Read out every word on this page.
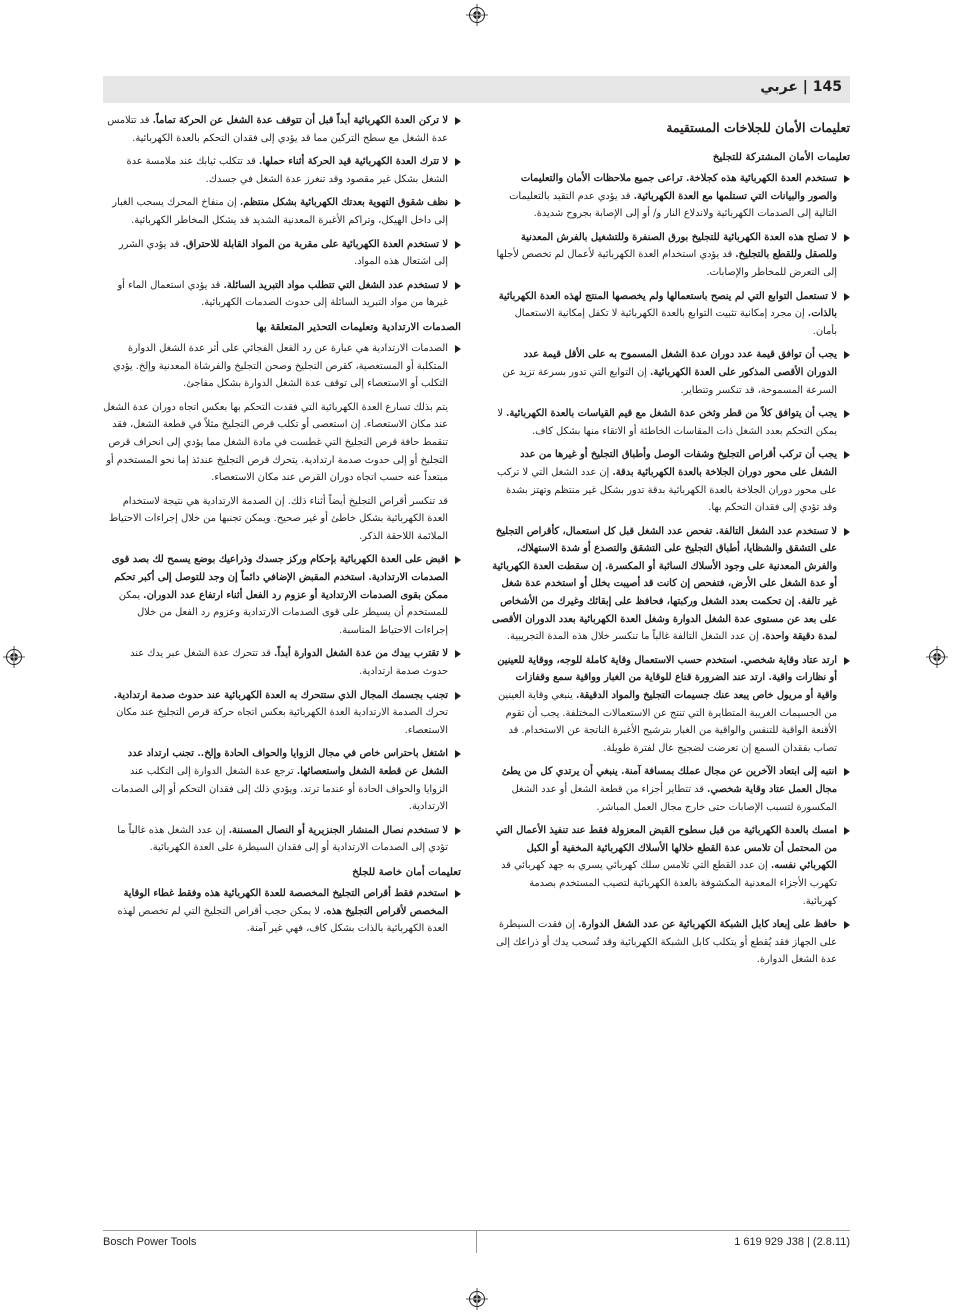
145 | عربي
تعليمات الأمان للجلاخات المستقيمة
تعليمات الأمان المشتركة للتجليخ
تستخدم العدة الكهربائية هذه كجلاخة. تراعى جميع ملاحظات الأمان والتعليمات والصور والبيانات التي تستلمها مع العدة الكهربائية. قد يؤدي عدم التقيد بالتعليمات التالية إلى الصدمات الكهربائية ولاندلاع النار و/ أو إلى الإصابة بجروح شديدة.
لا تصلح هذه العدة الكهربائية للتجليخ بورق الصنفرة وللتشغيل بالفرش المعدنية وللصقل وللقطع بالتجليخ. قد يؤدي استخدام العدة الكهربائية لأعمال لم تخصص لأجلها إلى التعرض للمخاطر والإصابات.
لا تستعمل التوابع التي لم ينصح باستعمالها ولم يخصصها المنتج لهذه العدة الكهربائية بالذات. إن مجرد إمكانية تثبيت التوابع بالعدة الكهربائية لا تكفل إمكانية الاستعمال بأمان.
يجب أن توافق قيمة عدد دوران عدة الشغل المسموح به على الأقل قيمة عدد الدوران الأقصى المذكور على العدة الكهربائية. إن التوابع التي تدور بسرعة تزيد عن السرعة المسموحة، قد تنكسر وتتطاير.
يجب أن يتوافق كلاً من قطر وثخن عدة الشغل مع قيم القياسات بالعدة الكهربائية. لا يمكن التحكم بعدد الشغل ذات المقاسات الخاطئة أو الاتقاء منها بشكل كاف.
يجب أن تركب أقراص التجليخ وشفات الوصل وأطباق التجليخ أو غيرها من عدد الشغل على محور دوران الجلاخة بالعدة الكهربائية بدقة. إن عدد الشغل التي لا تركب على محور دوران الجلاخة بالعدة الكهربائية بدقة تدور بشكل غير منتظم وتهتز بشدة وقد تؤدي إلى فقدان التحكم بها.
لا تستخدم عدد الشغل التالفة. تفحص عدد الشغل قبل كل استعمال، كأقراص التجليخ على التشقق والشظايا، أطباق التجليخ على التشقق والتصدع أو شدة الاستهلاك، والفرش المعدنية على وجود الأسلاك السائبة أو المكسرة. إن سقطت العدة الكهربائية أو عدة الشغل على الأرض، فتفحص إن كانت قد أصيبت بخلل أو استخدم عدة شغل غير تالفة. إن تحكمت بعدد الشغل وركبتها، فحافظ على إبقائك وغيرك من الأشخاص على بعد عن مستوى عدة الشغل الدوارة وشغل العدة الكهربائية بعدد الدوران الأقصى لمدة دقيقة واحدة. إن عدد الشغل التالفة غالباً ما تنكسر خلال هذه المدة التجريبية.
ارتد عتاد وقاية شخصي. استخدم حسب الاستعمال وقاية كاملة للوجه، ووقاية للعينين أو نظارات واقية. ارتد عند الضرورة قناع للوقاية من الغبار وواقية سمع وقفازات واقية أو مريول خاص يبعد عنك جسيمات التجليخ والمواد الدقيقة. ينبغي وقاية العينين من الجسيمات الغريبة المتطايرة التي تنتج عن الاستعمالات المختلفة. يجب أن تقوم الأقنعة الواقية للتنفس والواقية من الغبار بترشيح الأغبرة الناتجة عن الاستخدام. قد تصاب بفقدان السمع إن تعرضت لضجيج عال لفترة طويلة.
انتبه إلى ابتعاد الآخرين عن مجال عملك بمسافة آمنة. ينبغي أن يرتدي كل من يطئ مجال العمل عتاد وقاية شخصي. قد تتطاير أجزاء من قطعة الشغل أو عدد الشغل المكسورة لتسبب الإصابات حتى خارج مجال العمل المباشر.
امسك بالعدة الكهربائية من قبل سطوح القبض المعزولة فقط عند تنفيذ الأعمال التي من المحتمل أن تلامس عدة القطع خلالها الأسلاك الكهربائية المخفية أو الكبل الكهربائي نفسه. إن عدد القطع التي تلامس سلك كهربائي يسري به جهد كهربائي قد تكهرب الأجزاء المعدنية المكشوفة بالعدة الكهربائية لتصيب المستخدم بصدمة كهربائية.
حافظ على إبعاد كابل الشبكة الكهربائية عن عدد الشغل الدوارة. إن فقدت السيطرة على الجهاز فقد يُقطع أو يتكلب كابل الشبكة الكهربائية وقد تُسحب يدك أو ذراعك إلى عدة الشغل الدوارة.
لا تركن العدة الكهربائية أبداً قبل أن تتوقف عدة الشغل عن الحركة تماماً. قد تتلامس عدة الشغل مع سطح التركين مما قد يؤدي إلى فقدان التحكم بالعدة الكهربائية.
لا تترك العدة الكهربائية قيد الحركة أثناء حملها. قد تتكلب ثيابك عند ملامسة عدة الشغل بشكل غير مقصود وقد تنغرز عدة الشغل في جسدك.
نظف شقوق التهوية بعدتك الكهربائية بشكل منتظم. إن منفاخ المحرك يسحب الغبار إلى داخل الهيكل، وتراكم الأغبرة المعدنية الشديد قد يشكل المخاطر الكهربائية.
لا تستخدم العدة الكهربائية على مقربة من المواد القابلة للاحتراق. قد يؤدي الشرر إلى اشتعال هذه المواد.
لا تستخدم عدد الشغل التي تتطلب مواد التبريد السائلة. قد يؤدي استعمال الماء أو غيرها من مواد التبريد السائلة إلى حدوث الصدمات الكهربائية.
الصدمات الارتدادية وتعليمات التحذير المتعلقة بها
الصدمات الارتدادية هي عبارة عن رد الفعل الفجائي على أثر عدة الشغل الدوارة المتكلبة أو المستعصية، كقرص التجليخ وصحن التجليخ والفرشاة المعدنية وإلخ. يؤدي التكلب أو الاستعصاء إلى توقف عدة الشغل الدوارة بشكل مفاجئ.
يتم بذلك تسارع العدة الكهربائية التي فقدت التحكم بها بعكس اتجاه دوران عدة الشغل عند مكان الاستعصاء. إن استعصى أو تكلب قرص التجليخ مثلاً في قطعة الشغل، فقد تنقمط حافة قرص التجليخ التي غطست في مادة الشغل مما يؤدي إلى انحراف قرص التجليخ أو إلى حدوث صدمة ارتدادية. يتحرك قرص التجليخ عندئذ إما نحو المستخدم أو مبتعداً عنه حسب اتجاه دوران القرص عند مكان الاستعصاء.
قد تنكسر أقراص التجليخ أيضاً أثناء ذلك. إن الصدمة الارتدادية هي نتيجة لاستخدام العدة الكهربائية بشكل خاطئ أو غير صحيح. ويمكن تجنبها من خلال إجراءات الاحتياط الملائمة اللاحقة الذكر.
اقبض على العدة الكهربائية بإحكام وركز جسدك وذراعيك بوضع يسمح لك بصد قوى الصدمات الارتدادية. استخدم المقبض الإضافي دائماً إن وجد للتوصل إلى أكبر تحكم ممكن بقوى الصدمات الارتدادية أو عزوم رد الفعل أثناء ارتفاع عدد الدوران. يمكن للمستخدم أن يسيطر على قوى الصدمات الارتدادية وعزوم رد الفعل من خلال إجراءات الاحتياط المناسبة.
لا تقترب بيدك من عدة الشغل الدوارة أبداً. قد تتحرك عدة الشغل عبر يدك عند حدوث صدمة ارتدادية.
تجنب بجسمك المجال الذي ستتحرك به العدة الكهربائية عند حدوث صدمة ارتدادية. تحرك الصدمة الارتدادية العدة الكهربائية بعكس اتجاه حركة قرص التجليخ عند مكان الاستعصاء.
اشتغل باحتراس خاص في مجال الزوايا والحواف الحادة وإلخ.. تجنب ارتداد عدد الشغل عن قطعة الشغل واستعصائها. ترجع عدة الشغل الدوارة إلى التكلب عند الزوايا والحواف الحادة أو عندما ترتد. ويؤدي ذلك إلى فقدان التحكم أو إلى الصدمات الارتدادية.
لا تستخدم نصال المنشار الجنزيرية أو النصال المسننة. إن عدد الشغل هذه غالباً ما تؤدي إلى الصدمات الارتدادية أو إلى فقدان السيطرة على العدة الكهربائية.
تعليمات أمان خاصة للجلخ
استخدم فقط أقراص التجليخ المخصصة للعدة الكهربائية هذه وفقط غطاء الوقاية المخصص لأقراص التجليخ هذه. لا يمكن حجب أقراص التجليخ التي لم تخصص لهذه العدة الكهربائية بالذات بشكل كاف، فهي غير آمنة.
Bosch Power Tools	1 619 929 J38 | (2.8.11)
